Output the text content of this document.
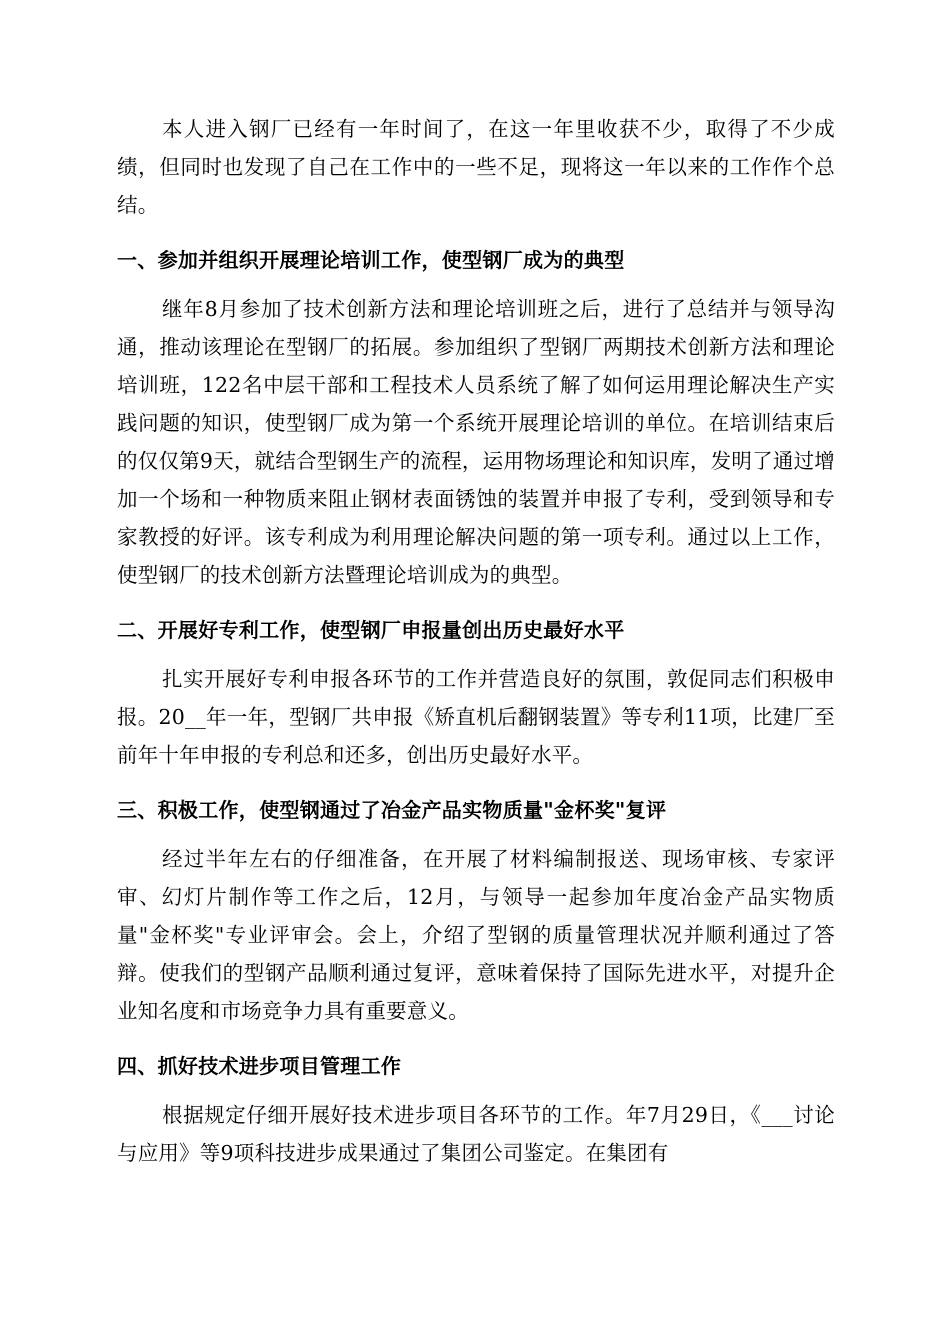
本人进入钢厂已经有一年时间了，在这一年里收获不少，取得了不少成绩，但同时也发现了自己在工作中的一些不足，现将这一年以来的工作作个总结。

一、参加并组织开展理论培训工作，使型钢厂成为的典型

继年8月参加了技术创新方法和理论培训班之后，进行了总结并与领导沟通，推动该理论在型钢厂的拓展。参加组织了型钢厂两期技术创新方法和理论培训班，122名中层干部和工程技术人员系统了解了如何运用理论解决生产实践问题的知识，使型钢厂成为第一个系统开展理论培训的单位。在培训结束后的仅仅第9天，就结合型钢生产的流程，运用物场理论和知识库，发明了通过增加一个场和一种物质来阻止钢材表面锈蚀的装置并申报了专利，受到领导和专家教授的好评。该专利成为利用理论解决问题的第一项专利。通过以上工作，使型钢厂的技术创新方法暨理论培训成为的典型。

二、开展好专利工作，使型钢厂申报量创出历史最好水平

扎实开展好专利申报各环节的工作并营造良好的氛围，敦促同志们积极申报。20__年一年，型钢厂共申报《矫直机后翻钢装置》等专利11项，比建厂至前年十年申报的专利总和还多，创出历史最好水平。

三、积极工作，使型钢通过了冶金产品实物质量"金杯奖"复评

经过半年左右的仔细准备，在开展了材料编制报送、现场审核、专家评审、幻灯片制作等工作之后，12月，与领导一起参加年度冶金产品实物质量"金杯奖"专业评审会。会上，介绍了型钢的质量管理状况并顺利通过了答辩。使我们的型钢产品顺利通过复评，意味着保持了国际先进水平，对提升企业知名度和市场竞争力具有重要意义。

四、抓好技术进步项目管理工作

根据规定仔细开展好技术进步项目各环节的工作。年7月29日，《___讨论与应用》等9项科技进步成果通过了集团公司鉴定。在集团有
